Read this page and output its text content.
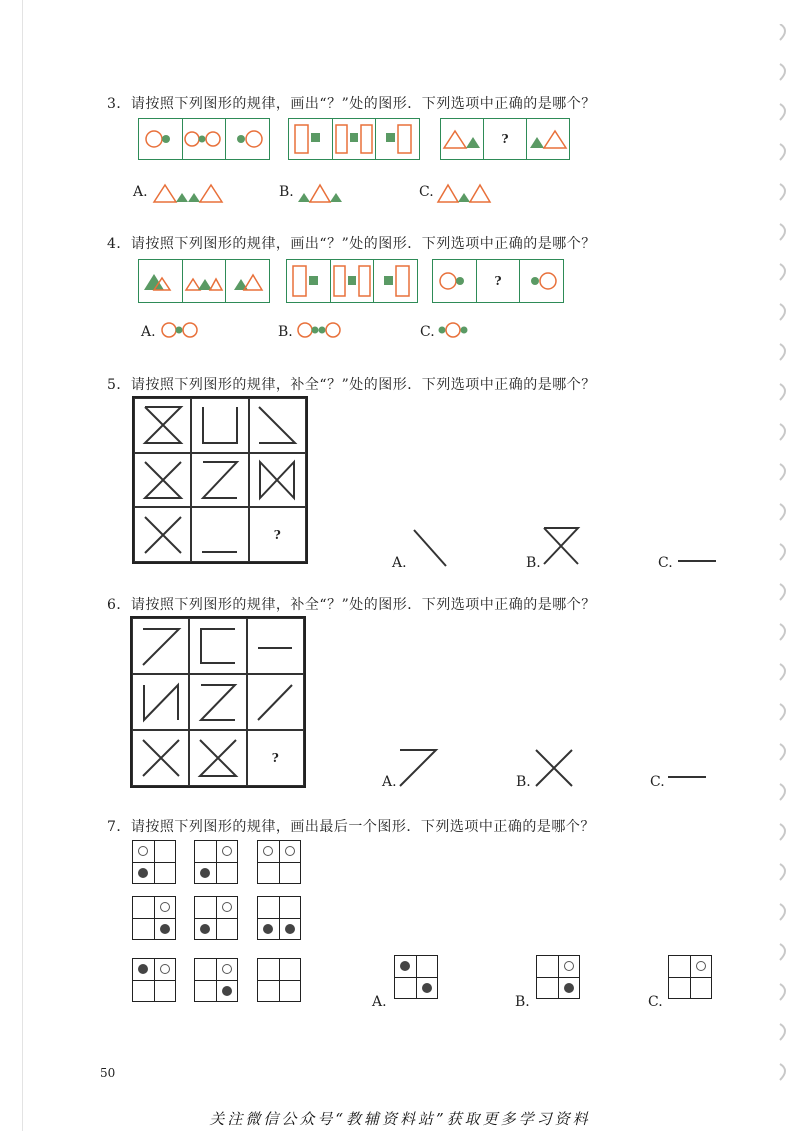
3．请按照下列图形的规律，画出“？”处的图形．下列选项中正确的是哪个？
?
A.	B.	C.
4．请按照下列图形的规律，画出“？”处的图形．下列选项中正确的是哪个？
?
A.	B.	C.
5．请按照下列图形的规律，补全“？”处的图形．下列选项中正确的是哪个？
?
A.	B.	C.
6．请按照下列图形的规律，补全“？”处的图形．下列选项中正确的是哪个？
?
A.	B.	C.
7．请按照下列图形的规律，画出最后一个图形．下列选项中正确的是哪个？
A.	B.	C.
50
关注微信公众号“教辅资料站”获取更多学习资料
